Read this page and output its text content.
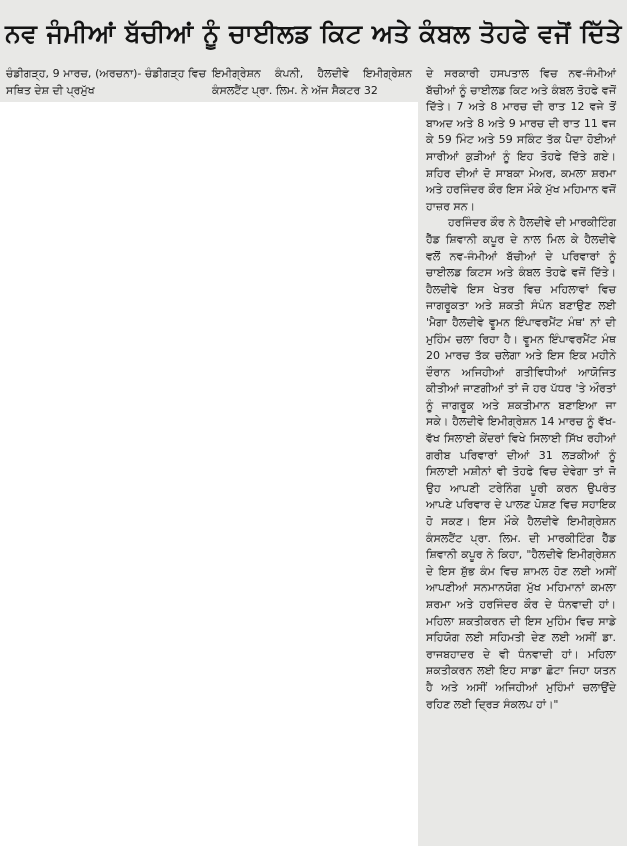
ਨਵ ਜੰਮੀਆਂ ਬੱਚੀਆਂ ਨੂੰ ਚਾਈਲਡ ਕਿਟ ਅਤੇ ਕੰਬਲ ਤੋਹਫੇ ਵਜੋਂ ਦਿੱਤੇ

ਚੰਡੀਗੜ੍ਹ, 9 ਮਾਰਚ, (ਅਰਚਨਾ)- ਚੰਡੀਗੜ੍ਹ ਵਿਚ ਸਥਿਤ ਦੇਸ਼ ਦੀ ਪ੍ਰਮੁੱਖ

ਇਮੀਗ੍ਰੇਸ਼ਨ ਕੰਪਨੀ, ਹੈਲਦੀਵੇ ਇਮੀਗ੍ਰੇਸ਼ਨ ਕੰਸਲਟੈਂਟ ਪ੍ਰਾ. ਲਿਮ. ਨੇ ਅੱਜ ਸੈਕਟਰ 32

ਦੇ ਸਰਕਾਰੀ ਹਸਪਤਾਲ ਵਿਚ ਨਵ-ਜੰਮੀਆਂ ਬੱਚੀਆਂ ਨੂੰ ਚਾਈਲਡ ਕਿਟ ਅਤੇ ਕੰਬਲ ਤੋਹਫੇ ਵਜੋਂ ਦਿੱਤੇ। 7 ਅਤੇ 8 ਮਾਰਚ ਦੀ ਰਾਤ 12 ਵਜੇ ਤੋਂ ਬਾਅਦ ਅਤੇ 8 ਅਤੇ 9 ਮਾਰਚ ਦੀ ਰਾਤ 11 ਵਜ ਕੇ 59 ਮਿੰਟ ਅਤੇ 59 ਸਕਿੰਟ ਤੱਕ ਪੈਦਾ ਹੋਈਆਂ ਸਾਰੀਆਂ ਕੁੜੀਆਂ ਨੂੰ ਇਹ ਤੋਹਫੇ ਦਿੱਤੇ ਗਏ। ਸ਼ਹਿਰ ਦੀਆਂ ਦੋ ਸਾਬਕਾ ਮੇਅਰ, ਕਮਲਾ ਸ਼ਰਮਾ ਅਤੇ ਹਰਜਿੰਦਰ ਕੌਰ ਇਸ ਮੌਕੇ ਮੁੱਖ ਮਹਿਮਾਨ ਵਜੋਂ ਹਾਜ਼ਰ ਸਨ।

ਹਰਜਿੰਦਰ ਕੌਰ ਨੇ ਹੈਲਦੀਵੇ ਦੀ ਮਾਰਕੀਟਿੰਗ ਹੈੱਡ ਸ਼ਿਵਾਨੀ ਕਪੂਰ ਦੇ ਨਾਲ ਮਿਲ ਕੇ ਹੈਲਦੀਵੇ ਵਲੋਂ ਨਵ-ਜੰਮੀਆਂ ਬੱਚੀਆਂ ਦੇ ਪਰਿਵਾਰਾਂ ਨੂੰ ਚਾਈਲਡ ਕਿਟਸ ਅਤੇ ਕੰਬਲ ਤੋਹਫੇ ਵਜੋਂ ਦਿੱਤੇ। ਹੈਲਦੀਵੇ ਇਸ ਖੇਤਰ ਵਿਚ ਮਹਿਲਾਵਾਂ ਵਿਚ ਜਾਗਰੂਕਤਾ ਅਤੇ ਸ਼ਕਤੀ ਸੰਪੰਨ ਬਣਾਉਣ ਲਈ 'ਮੈਗਾ ਹੈਲਦੀਵੇ ਵੂਮਨ ਇੰਪਾਵਰਮੈਂਟ ਮੰਥ' ਨਾਂ ਦੀ ਮੁਹਿੰਮ ਚਲਾ ਰਿਹਾ ਹੈ। ਵੂਮਨ ਇੰਪਾਵਰਮੈਂਟ ਮੰਥ 20 ਮਾਰਚ ਤੱਕ ਚਲੇਗਾ ਅਤੇ ਇਸ ਇਕ ਮਹੀਨੇ ਦੌਰਾਨ ਅਜਿਹੀਆਂ ਗਤੀਵਿਧੀਆਂ ਆਯੋਜਿਤ ਕੀਤੀਆਂ ਜਾਣਗੀਆਂ ਤਾਂ ਜੋ ਹਰ ਪੱਧਰ 'ਤੇ ਔਰਤਾਂ ਨੂੰ ਜਾਗਰੂਕ ਅਤੇ ਸ਼ਕਤੀਮਾਨ ਬਣਾਇਆ ਜਾ ਸਕੇ। ਹੈਲਦੀਵੇ ਇਮੀਗ੍ਰੇਸ਼ਨ 14 ਮਾਰਚ ਨੂੰ ਵੱਖ-ਵੱਖ ਸਿਲਾਈ ਕੇਂਦਰਾਂ ਵਿਖੇ ਸਿਲਾਈ ਸਿੱਖ ਰਹੀਆਂ ਗਰੀਬ ਪਰਿਵਾਰਾਂ ਦੀਆਂ 31 ਲੜਕੀਆਂ ਨੂੰ ਸਿਲਾਈ ਮਸ਼ੀਨਾਂ ਵੀ ਤੋਹਫੇ ਵਿਚ ਦੇਵੇਗਾ ਤਾਂ ਜੋ ਉਹ ਆਪਣੀ ਟਰੇਨਿੰਗ ਪੂਰੀ ਕਰਨ ਉਪਰੰਤ ਆਪਣੇ ਪਰਿਵਾਰ ਦੇ ਪਾਲਣ ਪੋਸ਼ਣ ਵਿਚ ਸਹਾਇਕ ਹੋ ਸਕਣ। ਇਸ ਮੌਕੇ ਹੈਲਦੀਵੇ ਇਮੀਗ੍ਰੇਸ਼ਨ ਕੰਸਲਟੈਂਟ ਪ੍ਰਾ. ਲਿਮ. ਦੀ ਮਾਰਕੀਟਿੰਗ ਹੈੱਡ ਸ਼ਿਵਾਨੀ ਕਪੂਰ ਨੇ ਕਿਹਾ, "ਹੈਲਦੀਵੇ ਇਮੀਗ੍ਰੇਸ਼ਨ ਦੇ ਇਸ ਸ਼ੁੱਭ ਕੰਮ ਵਿਚ ਸ਼ਾਮਲ ਹੋਣ ਲਈ ਅਸੀਂ ਆਪਣੀਆਂ ਸਨਮਾਨਯੋਗ ਮੁੱਖ ਮਹਿਮਾਨਾਂ ਕਮਲਾ ਸ਼ਰਮਾ ਅਤੇ ਹਰਜਿੰਦਰ ਕੌਰ ਦੇ ਧੰਨਵਾਦੀ ਹਾਂ। ਮਹਿਲਾ ਸ਼ਕਤੀਕਰਨ ਦੀ ਇਸ ਮੁਹਿੰਮ ਵਿਚ ਸਾਡੇ ਸਹਿਯੋਗ ਲਈ ਸਹਿਮਤੀ ਦੇਣ ਲਈ ਅਸੀਂ ਡਾ. ਰਾਜਬਹਾਦਰ ਦੇ ਵੀ ਧੰਨਵਾਦੀ ਹਾਂ। ਮਹਿਲਾ ਸ਼ਕਤੀਕਰਨ ਲਈ ਇਹ ਸਾਡਾ ਛੋਟਾ ਜਿਹਾ ਯਤਨ ਹੈ ਅਤੇ ਅਸੀਂ ਅਜਿਹੀਆਂ ਮੁਹਿੰਮਾਂ ਚਲਾਉਂਦੇ ਰਹਿਣ ਲਈ ਦ੍ਰਿੜ ਸੰਕਲਪ ਹਾਂ।"
